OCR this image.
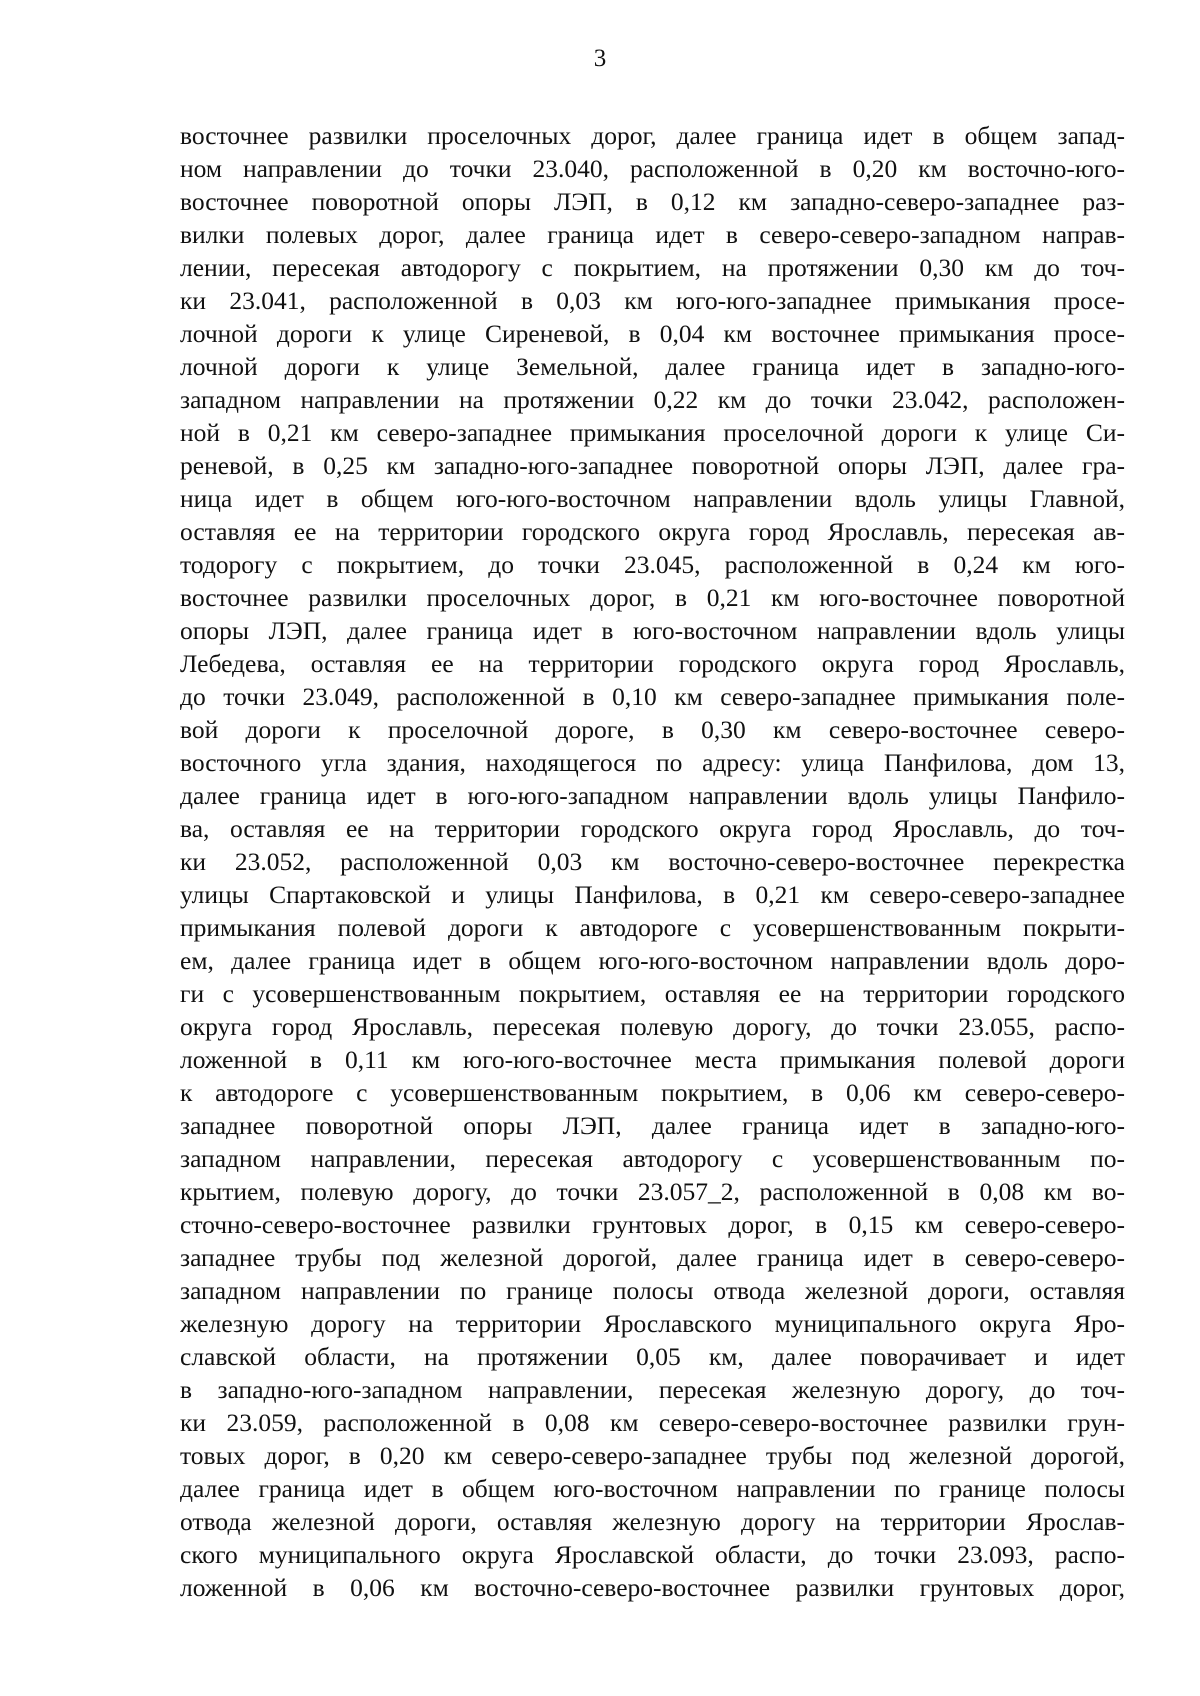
3
восточнее развилки проселочных дорог, далее граница идет в общем запад-
ном направлении до точки 23.040, расположенной в 0,20 км восточно-юго-
восточнее поворотной опоры ЛЭП, в 0,12 км западно-северо-западнее раз-
вилки полевых дорог, далее граница идет в северо-северо-западном направ-
лении, пересекая автодорогу с покрытием, на протяжении 0,30 км до точ-
ки 23.041, расположенной в 0,03 км юго-юго-западнее примыкания просе-
лочной дороги к улице Сиреневой, в 0,04 км восточнее примыкания просе-
лочной дороги к улице Земельной, далее граница идет в западно-юго-
западном направлении на протяжении 0,22 км до точки 23.042, расположен-
ной в 0,21 км северо-западнее примыкания проселочной дороги к улице Си-
реневой, в 0,25 км западно-юго-западнее поворотной опоры ЛЭП, далее гра-
ница идет в общем юго-юго-восточном направлении вдоль улицы Главной,
оставляя ее на территории городского округа город Ярославль, пересекая ав-
тодорогу с покрытием, до точки 23.045, расположенной в 0,24 км юго-
восточнее развилки проселочных дорог, в 0,21 км юго-восточнее поворотной
опоры ЛЭП, далее граница идет в юго-восточном направлении вдоль улицы
Лебедева, оставляя ее на территории городского округа город Ярославль,
до точки 23.049, расположенной в 0,10 км северо-западнее примыкания поле-
вой дороги к проселочной дороге, в 0,30 км северо-восточнее северо-
восточного угла здания, находящегося по адресу: улица Панфилова, дом 13,
далее граница идет в юго-юго-западном направлении вдоль улицы Панфило-
ва, оставляя ее на территории городского округа город Ярославль, до точ-
ки 23.052, расположенной 0,03 км восточно-северо-восточнее перекрестка
улицы Спартаковской и улицы Панфилова, в 0,21 км северо-северо-западнее
примыкания полевой дороги к автодороге с усовершенствованным покрыти-
ем, далее граница идет в общем юго-юго-восточном направлении вдоль доро-
ги с усовершенствованным покрытием, оставляя ее на территории городского
округа город Ярославль, пересекая полевую дорогу, до точки 23.055, распо-
ложенной в 0,11 км юго-юго-восточнее места примыкания полевой дороги
к автодороге с усовершенствованным покрытием, в 0,06 км северо-северо-
западнее поворотной опоры ЛЭП, далее граница идет в западно-юго-
западном направлении, пересекая автодорогу с усовершенствованным по-
крытием, полевую дорогу, до точки 23.057_2, расположенной в 0,08 км во-
сточно-северо-восточнее развилки грунтовых дорог, в 0,15 км северо-северо-
западнее трубы под железной дорогой, далее граница идет в северо-северо-
западном направлении по границе полосы отвода железной дороги, оставляя
железную дорогу на территории Ярославского муниципального округа Яро-
славской области, на протяжении 0,05 км, далее поворачивает и идет
в западно-юго-западном направлении, пересекая железную дорогу, до точ-
ки 23.059, расположенной в 0,08 км северо-северо-восточнее развилки грун-
товых дорог, в 0,20 км северо-северо-западнее трубы под железной дорогой,
далее граница идет в общем юго-восточном направлении по границе полосы
отвода железной дороги, оставляя железную дорогу на территории Ярослав-
ского муниципального округа Ярославской области, до точки 23.093, распо-
ложенной в 0,06 км восточно-северо-восточнее развилки грунтовых дорог,
